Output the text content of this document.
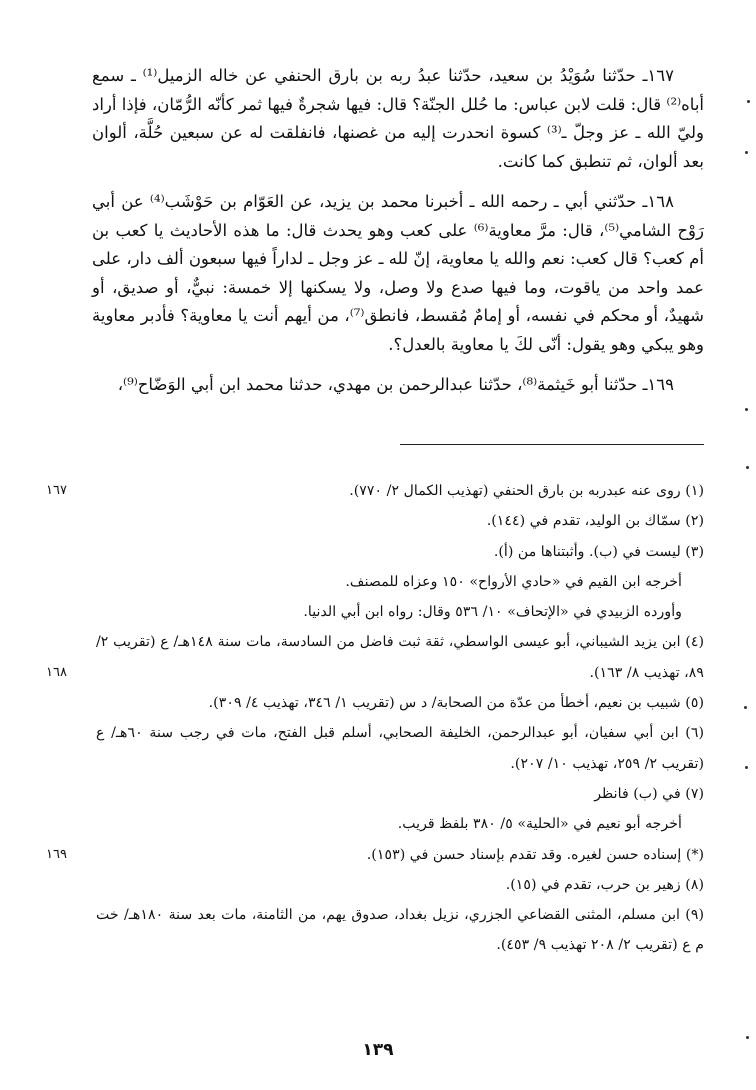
١٦٧ـ حدّثنا سُوَيْدُ بن سعيد، حدّثنا عبدُ ربه بن بارق الحنفي عن خاله الزميل⁽¹⁾ ـ سمع أباه⁽²⁾ قال: قلت لابن عباس: ما حُلل الجنّة؟ قال: فيها شجرةٌ فيها ثمر كأنّه الرُّمّان، فإذا أراد وليّ الله ـ عز وجلّ ـ⁽³⁾ كسوة انحدرت إليه من غصنها، فانفلقت له عن سبعين حُلَّة، ألوان بعد ألوان، ثم تنطبق كما كانت.

١٦٨ـ حدّثني أبي ـ رحمه الله ـ أخبرنا محمد بن يزيد، عن العَوّام بن حَوْشَب⁽⁴⁾ عن أبي رَوْح الشامي⁽⁵⁾، قال: مرَّ معاوية⁽⁶⁾ على كعب وهو يحدث قال: ما هذه الأحاديث يا كعب بن أم كعب؟ قال كعب: نعم والله يا معاوية، إنّ لله ـ عز وجل ـ لداراً فيها سبعون ألف دار، على عمد واحد من ياقوت، وما فيها صدع ولا وصل، ولا يسكنها إلا خمسة: نبيٌّ، أو صديق، أو شهيدٌ، أو محكم في نفسه، أو إمامٌ مُقسط، فانطق⁽⁷⁾، من أيهم أنت يا معاوية؟ فأدبر معاوية وهو يبكي وهو يقول: أنّى لكَ يا معاوية بالعدل؟.

١٦٩ـ حدّثنا أبو خَيثمة⁽⁸⁾، حدّثنا عبدالرحمن بن مهدي، حدثنا محمد ابن أبي الوَضّاح⁽⁹⁾،

(١) روى عنه عبدربه بن بارق الحنفي (تهذيب الكمال ٢/ ٧٧٠).
١٦٧
(٢) سمّاك بن الوليد، تقدم في (١٤٤).
(٣) ليست في (ب). وأثبتناها من (أ).
أخرجه ابن القيم في «حادي الأرواح» ١٥٠ وعزاه للمصنف.
وأورده الزبيدي في «الإتحاف» ١٠/ ٥٣٦ وقال: رواه ابن أبي الدنيا.
(٤) ابن يزيد الشيباني، أبو عيسى الواسطي، ثقة ثبت فاضل من السادسة، مات سنة ١٤٨هـ/ ع (تقريب ٢/ ٨٩، تهذيب ٨/ ١٦٣).
١٦٨
(٥) شبيب بن نعيم، أخطأ من عدّة من الصحابة/ د س (تقريب ١/ ٣٤٦، تهذيب ٤/ ٣٠٩).
(٦) ابن أبي سفيان، أبو عبدالرحمن، الخليفة الصحابي، أسلم قبل الفتح، مات في رجب سنة ٦٠هـ/ ع (تقريب ٢/ ٢٥٩، تهذيب ١٠/ ٢٠٧).
(٧) في (ب) فانظر
أخرجه أبو نعيم في «الحلية» ٥/ ٣٨٠ بلفظ قريب.
(*) إسناده حسن لغيره. وقد تقدم بإسناد حسن في (١٥٣).
١٦٩
(٨) زهير بن حرب، تقدم في (١٥).
(٩) ابن مسلم، المثنى القضاعي الجزري، نزيل بغداد، صدوق يهم، من الثامنة، مات بعد سنة ١٨٠هـ/ خت م ع (تقريب ٢/ ٢٠٨ تهذيب ٩/ ٤٥٣).
١٣٩
